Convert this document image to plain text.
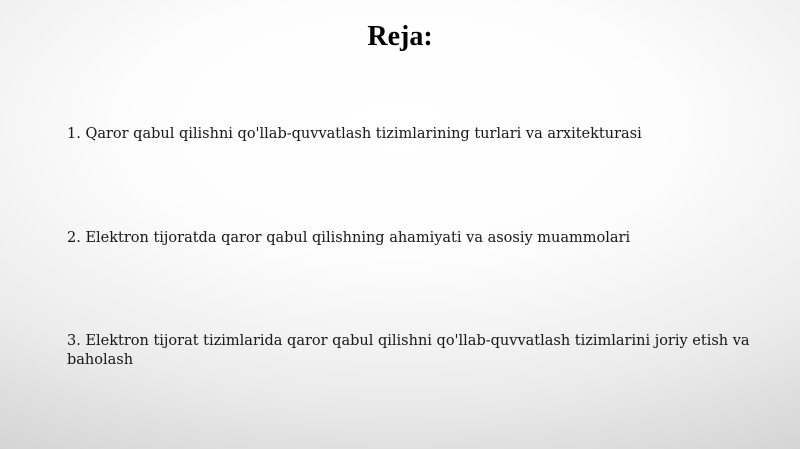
Reja:
1. Qaror qabul qilishni qo'llab-quvvatlash tizimlarining turlari va arxitekturasi
2. Elektron tijoratda qaror qabul qilishning ahamiyati va asosiy muammolari
3. Elektron tijorat tizimlarida qaror qabul qilishni qo'llab-quvvatlash tizimlarini joriy etish va baholash
